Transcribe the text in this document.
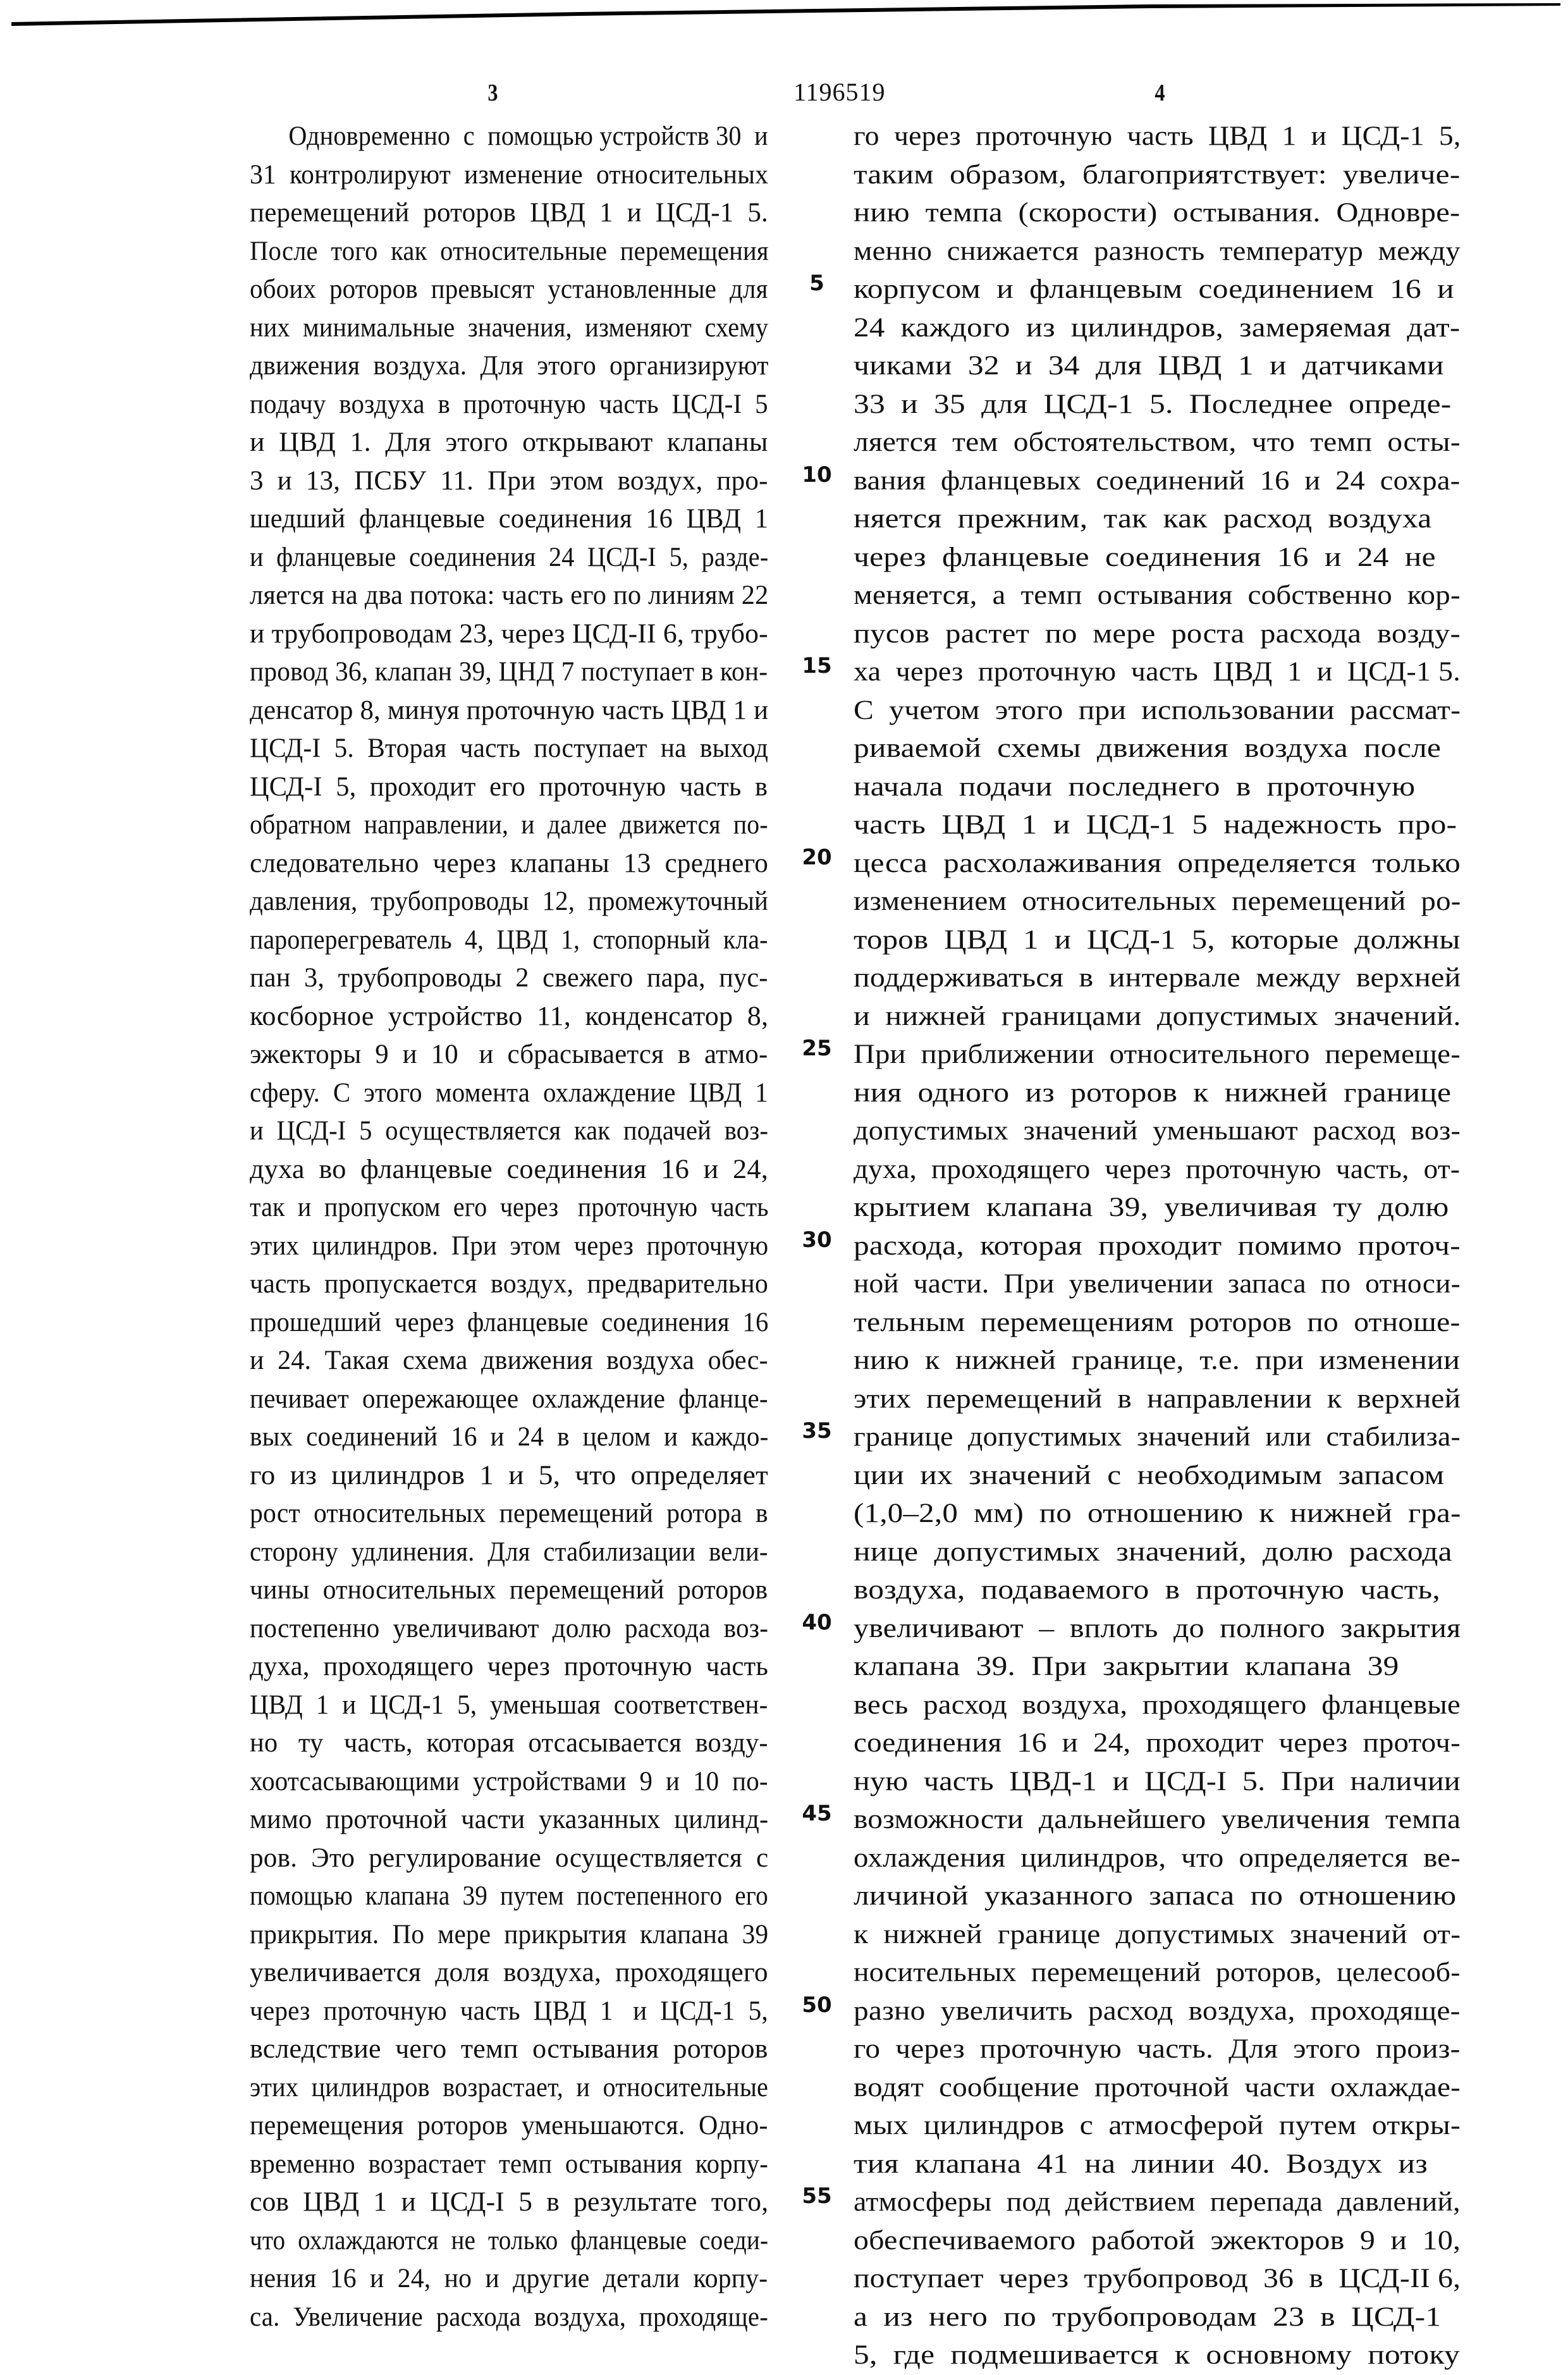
3	1196519	4
Одновременно  с  помощью устройств 30  и
31  контролируют  изменение  относительных
перемещений  роторов  ЦВД  1  и  ЦСД-1  5.
После  того  как  относительные  перемещения
обоих  роторов  превысят  установленные  для
них  минимальные  значения,  изменяют  схему
движения  воздуха.  Для  этого  организируют
подачу  воздуха  в  проточную  часть  ЦСД-І  5
и  ЦВД  1.  Для  этого  открывают  клапаны
3  и  13,  ПСБУ  11.  При  этом  воздух,  про-
шедший  фланцевые  соединения  16  ЦВД  1
и  фланцевые  соединения  24  ЦСД-І  5,  разде-
ляется на два потока: часть его по линиям 22
и трубопроводам 23, через ЦСД-ІІ 6, трубо-
провод 36, клапан 39, ЦНД 7 поступает в кон-
денсатор 8, минуя проточную часть ЦВД 1 и
ЦСД-І  5.  Вторая  часть  поступает  на  выход
ЦСД-І  5,  проходит  его  проточную  часть  в
обратном  направлении,  и  далее  движется  по-
следовательно  через  клапаны  13  среднего
давления,  трубопроводы  12,  промежуточный
пароперегреватель  4,  ЦВД  1,  стопорный  кла-
пан  3,  трубопроводы  2  свежего  пара,  пус-
косборное  устройство  11,  конденсатор  8,
эжекторы  9  и  10   и  сбрасывается  в  атмо-
сферу.  С  этого  момента  охлаждение  ЦВД  1
и  ЦСД-І  5  осуществляется  как  подачей  воз-
духа  во  фланцевые  соединения  16  и  24,
так  и  пропуском  его  через   проточную  часть
этих  цилиндров.  При  этом  через  проточную
часть  пропускается  воздух,  предварительно
прошедший  через  фланцевые  соединения  16
и  24.  Такая  схема  движения  воздуха  обес-
печивает  опережающее  охлаждение  фланце-
вых  соединений  16  и  24  в  целом  и  каждо-
го  из  цилиндров  1  и  5,  что  определяет
рост  относительных  перемещений  ротора  в
сторону  удлинения.  Для  стабилизации  вели-
чины  относительных  перемещений  роторов
постепенно  увеличивают  долю  расхода  воз-
духа,  проходящего  через  проточную  часть
ЦВД  1  и  ЦСД-1  5,  уменьшая  соответствен-
но   ту   часть,  которая  отсасывается  возду-
хоотсасывающими  устройствами  9  и  10  по-
мимо  проточной  части  указанных  цилинд-
ров.  Это  регулирование  осуществляется  с
помощью  клапана  39  путем  постепенного  его
прикрытия.  По  мере  прикрытия  клапана  39
увеличивается  доля  воздуха,  проходящего
через  проточную  часть  ЦВД  1   и  ЦСД-1  5,
вследствие  чего  темп  остывания  роторов
этих  цилиндров  возрастает,  и  относительные
перемещения  роторов  уменьшаются.  Одно-
временно  возрастает  темп  остывания  корпу-
сов  ЦВД  1  и  ЦСД-І  5  в  результате  того,
что  охлаждаются  не  только  фланцевые  соеди-
нения  16  и  24,  но  и  другие  детали  корпу-
са.  Увеличение  расхода  воздуха,  проходяще-
5
10
15
20
25
30
35
40
45
50
55
го  через  проточную  часть  ЦВД  1  и  ЦСД-1  5,
таким  образом,  благоприятствует:  увеличе-
нию  темпа  (скорости)  остывания.  Одновре-
менно  снижается  разность  температур  между
корпусом  и  фланцевым  соединением  16  и
24  каждого  из  цилиндров,  замеряемая  дат-
чиками  32  и  34  для  ЦВД  1  и  датчиками
33  и  35  для  ЦСД-1  5.  Последнее  опреде-
ляется  тем  обстоятельством,  что  темп  осты-
вания  фланцевых  соединений  16  и  24  сохра-
няется  прежним,  так  как  расход  воздуха
через  фланцевые  соединения  16  и  24  не
меняется,  а  темп  остывания  собственно  кор-
пусов  растет  по  мере  роста  расхода  возду-
ха  через  проточную  часть  ЦВД  1  и  ЦСД-1 5.
С  учетом  этого  при  использовании  рассмат-
риваемой  схемы  движения  воздуха  после
начала  подачи  последнего  в  проточную
часть  ЦВД  1  и  ЦСД-1  5  надежность  про-
цесса  расхолаживания  определяется  только
изменением  относительных  перемещений  ро-
торов  ЦВД  1  и  ЦСД-1  5,  которые  должны
поддерживаться  в  интервале  между  верхней
и  нижней  границами  допустимых  значений.
При  приближении  относительного  перемеще-
ния  одного  из  роторов  к  нижней  границе
допустимых  значений  уменьшают  расход  воз-
духа,  проходящего  через  проточную  часть,  от-
крытием  клапана  39,  увеличивая  ту  долю
расхода,  которая  проходит  помимо  проточ-
ной  части.  При  увеличении  запаса  по  относи-
тельным  перемещениям  роторов  по  отноше-
нию  к  нижней  границе,  т.е.  при  изменении
этих  перемещений  в  направлении  к  верхней
границе  допустимых  значений  или  стабилиза-
ции  их  значений  с  необходимым  запасом
(1,0–2,0  мм)  по  отношению  к  нижней  гра-
нице  допустимых  значений,  долю  расхода
воздуха,  подаваемого  в  проточную  часть,
увеличивают  –  вплоть  до  полного  закрытия
клапана  39.  При  закрытии  клапана  39
весь  расход  воздуха,  проходящего  фланцевые
соединения  16  и  24,  проходит  через  проточ-
ную  часть  ЦВД-1  и  ЦСД-І  5.  При  наличии
возможности  дальнейшего  увеличения  темпа
охлаждения  цилиндров,  что  определяется  ве-
личиной  указанного  запаса  по  отношению
к  нижней  границе  допустимых  значений  от-
носительных  перемещений  роторов,  целесооб-
разно  увеличить  расход  воздуха,  проходяще-
го  через  проточную  часть.  Для  этого  произ-
водят  сообщение  проточной  части  охлаждае-
мых  цилиндров  с  атмосферой  путем  откры-
тия  клапана  41  на  линии  40.  Воздух  из
атмосферы  под  действием  перепада  давлений,
обеспечиваемого  работой  эжекторов  9  и  10,
поступает  через  трубопровод  36  в  ЦСД-ІІ 6,
а  из  него  по  трубопроводам  23  в  ЦСД-1
5,  где  подмешивается  к  основному  потоку
